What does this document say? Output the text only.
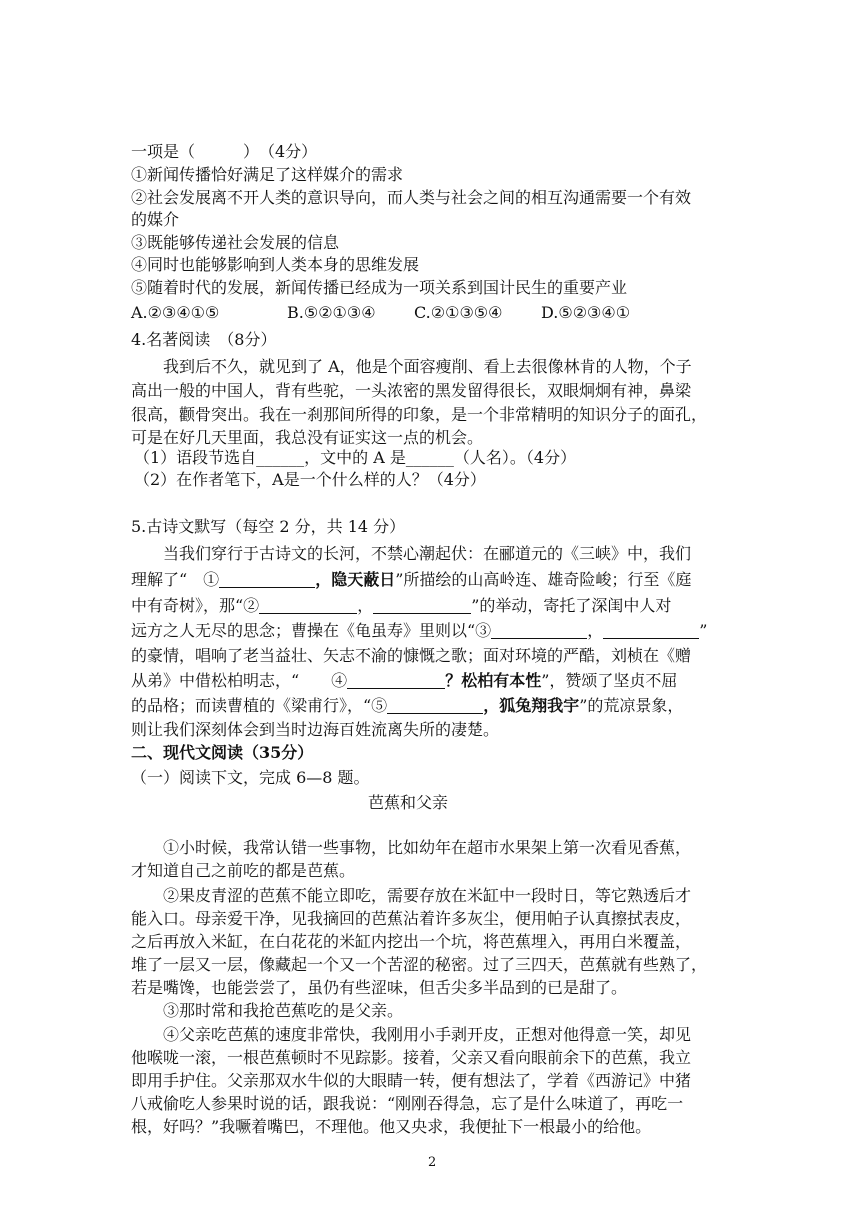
一项是（　　　）　（4分）
①新闻传播恰好满足了这样媒介的需求
②社会发展离不开人类的意识导向，而人类与社会之间的相互沟通需要一个有效
的媒介
③既能够传递社会发展的信息
④同时也能够影响到人类本身的思维发展
⑤随着时代的发展，新闻传播已经成为一项关系到国计民生的重要产业
A.②③④①⑤	B.⑤②①③④ C.②①③⑤④ D.⑤②③④①
4.名著阅读　（8分）
我到后不久，就见到了 A，他是个面容瘦削、看上去很像林肯的人物，个子
高出一般的中国人，背有些驼，一头浓密的黑发留得很长，双眼炯炯有神，鼻梁
很高，颧骨突出。我在一刹那间所得的印象，是一个非常精明的知识分子的面孔，
可是在好几天里面，我总没有证实这一点的机会。
（1）语段节选自______，文中的 A 是______（人名）。（4分）
（2）在作者笔下，A是一个什么样的人？（4分）
5.古诗文默写（每空 2 分，共 14 分）
当我们穿行于古诗文的长河，不禁心潮起伏：在郦道元的《三峡》中，我们
理解了“　①	，隐天蔽日”所描绘的山高岭连、雄奇险峻；行至《庭
中有奇树》，那“②	，	”的举动，寄托了深闺中人对
远方之人无尽的思念；曹操在《龟虽寿》里则以“③	，	”
的豪情，唱响了老当益壮、矢志不渝的慷慨之歌；面对环境的严酷，刘桢在《赠
从弟》中借松柏明志，“　　④	？松柏有本性”，赞颂了坚贞不屈
的品格；而读曹植的《梁甫行》，“⑤	，狐兔翔我宇”的荒凉景象，
则让我们深刻体会到当时边海百姓流离失所的凄楚。
二、现代文阅读（35分）
（一）阅读下文，完成 6—8 题。
芭蕉和父亲
①小时候，我常认错一些事物，比如幼年在超市水果架上第一次看见香蕉，
才知道自己之前吃的都是芭蕉。
②果皮青涩的芭蕉不能立即吃，需要存放在米缸中一段时日，等它熟透后才
能入口。母亲爱干净，见我摘回的芭蕉沾着许多灰尘，便用帕子认真擦拭表皮，
之后再放入米缸，在白花花的米缸内挖出一个坑，将芭蕉埋入，再用白米覆盖，
堆了一层又一层，像藏起一个又一个苦涩的秘密。过了三四天，芭蕉就有些熟了，
若是嘴馋，也能尝尝了，虽仍有些涩味，但舌尖多半品到的已是甜了。
③那时常和我抢芭蕉吃的是父亲。
④父亲吃芭蕉的速度非常快，我刚用小手剥开皮，正想对他得意一笑，却见
他喉咙一滚，一根芭蕉顿时不见踪影。接着，父亲又看向眼前余下的芭蕉，我立
即用手护住。父亲那双水牛似的大眼睛一转，便有想法了，学着《西游记》中猪
八戒偷吃人参果时说的话，跟我说：“刚刚吞得急，忘了是什么味道了，再吃一
根，好吗？”我噘着嘴巴，不理他。他又央求，我便扯下一根最小的给他。
2
